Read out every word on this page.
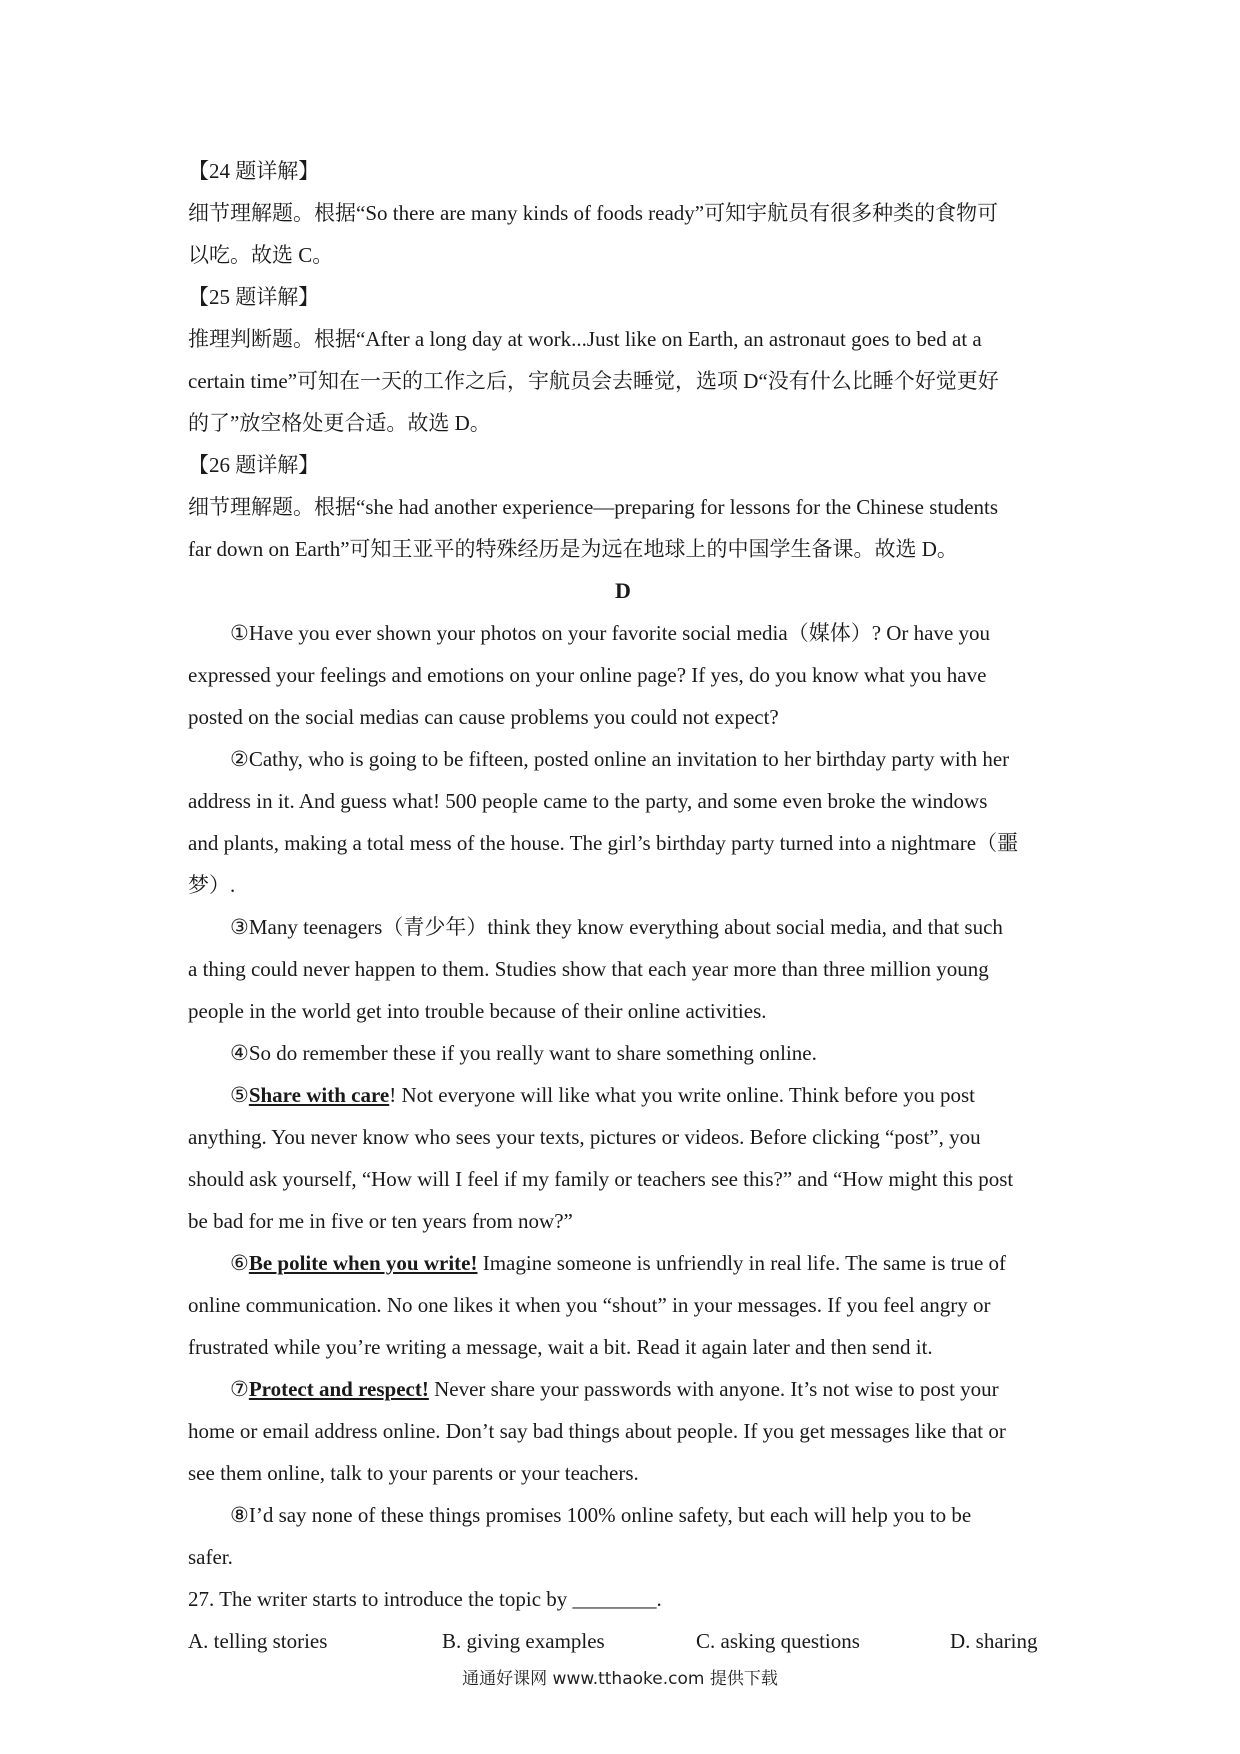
【24 题详解】
细节理解题。根据“So there are many kinds of foods ready”可知宇航员有很多种类的食物可
以吃。故选 C。
【25 题详解】
推理判断题。根据“After a long day at work...Just like on Earth, an astronaut goes to bed at a
certain time”可知在一天的工作之后，宇航员会去睡觉，选项 D“没有什么比睡个好觉更好
的了”放空格处更合适。故选 D。
【26 题详解】
细节理解题。根据“she had another experience—preparing for lessons for the Chinese students
far down on Earth”可知王亚平的特殊经历是为远在地球上的中国学生备课。故选 D。
D
①Have you ever shown your photos on your favorite social media（媒体）? Or have you
expressed your feelings and emotions on your online page? If yes, do you know what you have
posted on the social medias can cause problems you could not expect?
②Cathy, who is going to be fifteen, posted online an invitation to her birthday party with her
address in it. And guess what! 500 people came to the party, and some even broke the windows
and plants, making a total mess of the house. The girl’s birthday party turned into a nightmare（噩
梦）.
③Many teenagers（青少年）think they know everything about social media, and that such
a thing could never happen to them. Studies show that each year more than three million young
people in the world get into trouble because of their online activities.
④So do remember these if you really want to share something online.
⑤Share with care! Not everyone will like what you write online. Think before you post
anything. You never know who sees your texts, pictures or videos. Before clicking “post”, you
should ask yourself, “How will I feel if my family or teachers see this?” and “How might this post
be bad for me in five or ten years from now?”
⑥Be polite when you write! Imagine someone is unfriendly in real life. The same is true of
online communication. No one likes it when you “shout” in your messages. If you feel angry or
frustrated while you’re writing a message, wait a bit. Read it again later and then send it.
⑦Protect and respect! Never share your passwords with anyone. It’s not wise to post your
home or email address online. Don’t say bad things about people. If you get messages like that or
see them online, talk to your parents or your teachers.
⑧I’d say none of these things promises 100% online safety, but each will help you to be
safer.
27. The writer starts to introduce the topic by ________.
A. telling stories	B. giving examples	C. asking questions	D. sharing
通通好课网 www.tthaoke.com 提供下载
